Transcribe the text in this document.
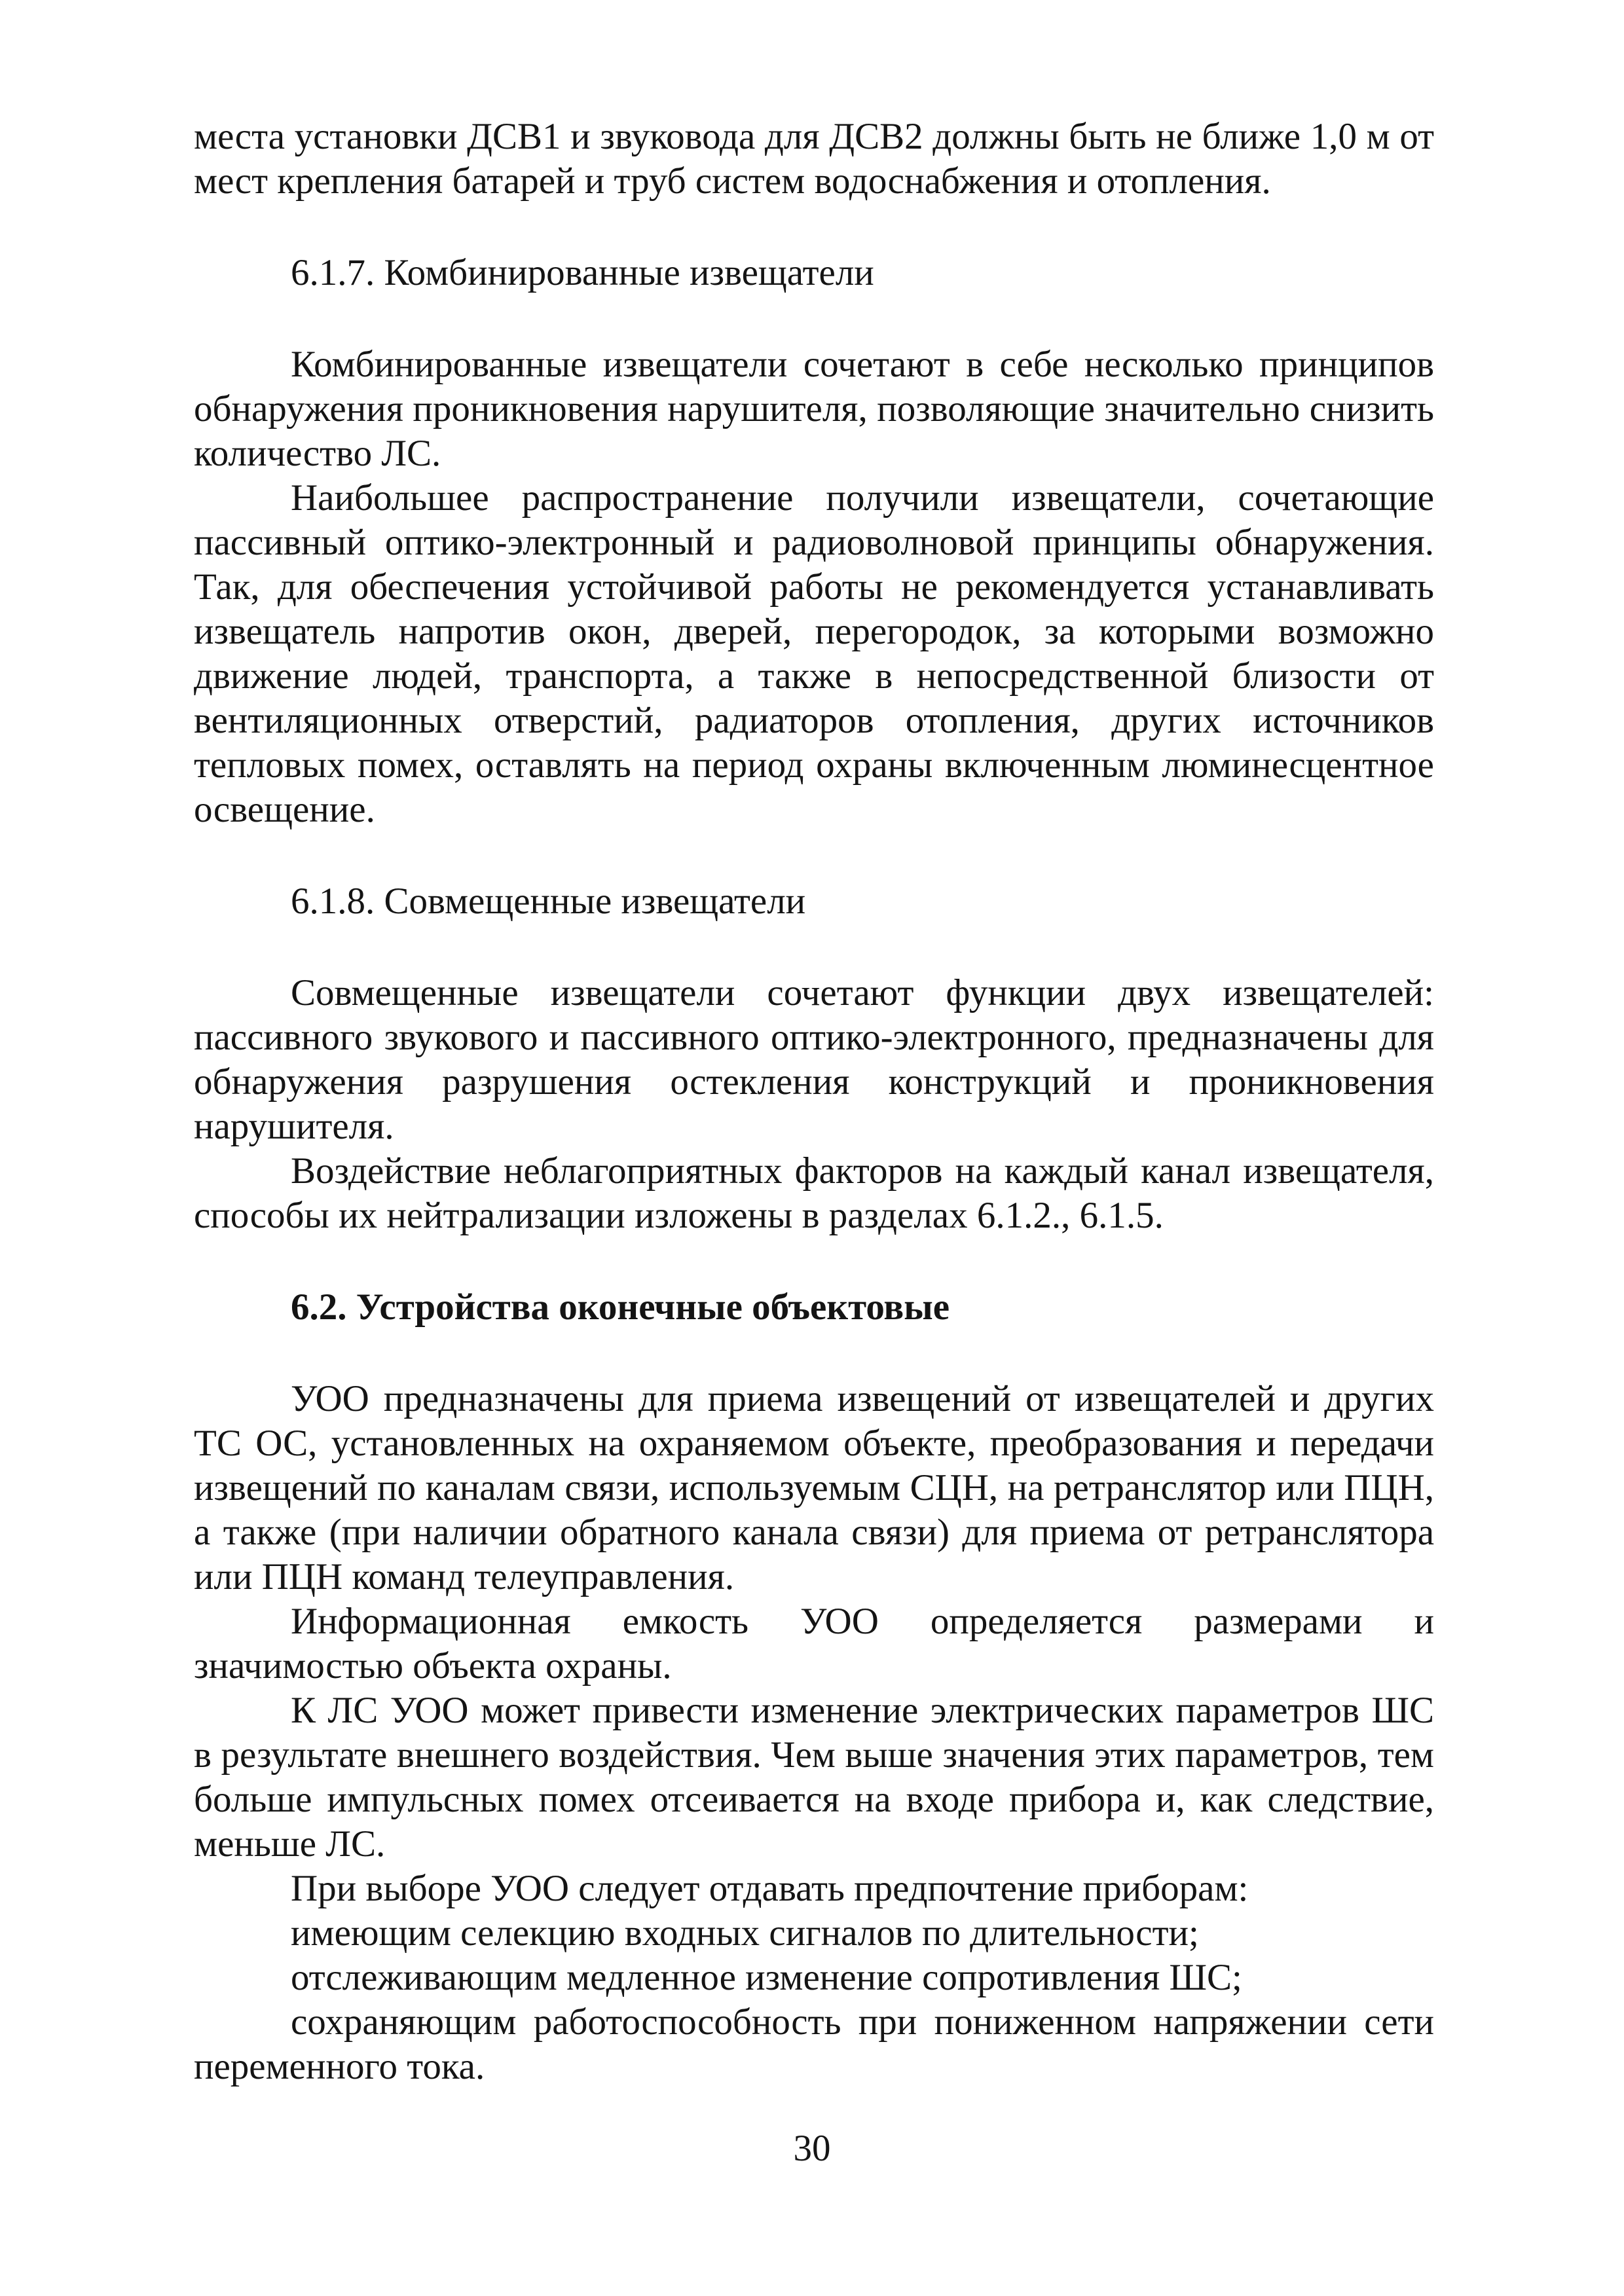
места установки ДСВ1 и звуковода для ДСВ2 должны быть не ближе 1,0 м от мест крепления батарей и труб систем водоснабжения и отопления.

6.1.7. Комбинированные извещатели

Комбинированные извещатели сочетают в себе несколько принципов обнаружения проникновения нарушителя, позволяющие значительно снизить количество ЛС.

Наибольшее распространение получили извещатели, сочетающие пассивный оптико-электронный и радиоволновой принципы обнаружения. Так, для обеспечения устойчивой работы не рекомендуется устанавливать извещатель напротив окон, дверей, перегородок, за которыми возможно движение людей, транспорта, а также в непосредственной близости от вентиляционных отверстий, радиаторов отопления, других источников тепловых помех, оставлять на период охраны включенным люминесцентное освещение.

6.1.8. Совмещенные извещатели

Совмещенные извещатели сочетают функции двух извещателей: пассивного звукового и пассивного оптико-электронного, предназначены для обнаружения разрушения остекления конструкций и проникновения нарушителя.

Воздействие неблагоприятных факторов на каждый канал извещателя, способы их нейтрализации изложены в разделах 6.1.2., 6.1.5.

6.2. Устройства оконечные объектовые

УОО предназначены для приема извещений от извещателей и других ТС ОС, установленных на охраняемом объекте, преобразования и передачи извещений по каналам связи, используемым СЦН, на ретранслятор или ПЦН, а также (при наличии обратного канала связи) для приема от ретранслятора или ПЦН команд телеуправления.

Информационная емкость УОО определяется размерами и значимостью объекта охраны.

К ЛС УОО может привести изменение электрических параметров ШС в результате внешнего воздействия. Чем выше значения этих параметров, тем больше импульсных помех отсеивается на входе прибора и, как следствие, меньше ЛС.

При выборе УОО следует отдавать предпочтение приборам:

имеющим селекцию входных сигналов по длительности;

отслеживающим медленное изменение сопротивления ШС;

сохраняющим работоспособность при пониженном напряжении сети переменного тока.

30
